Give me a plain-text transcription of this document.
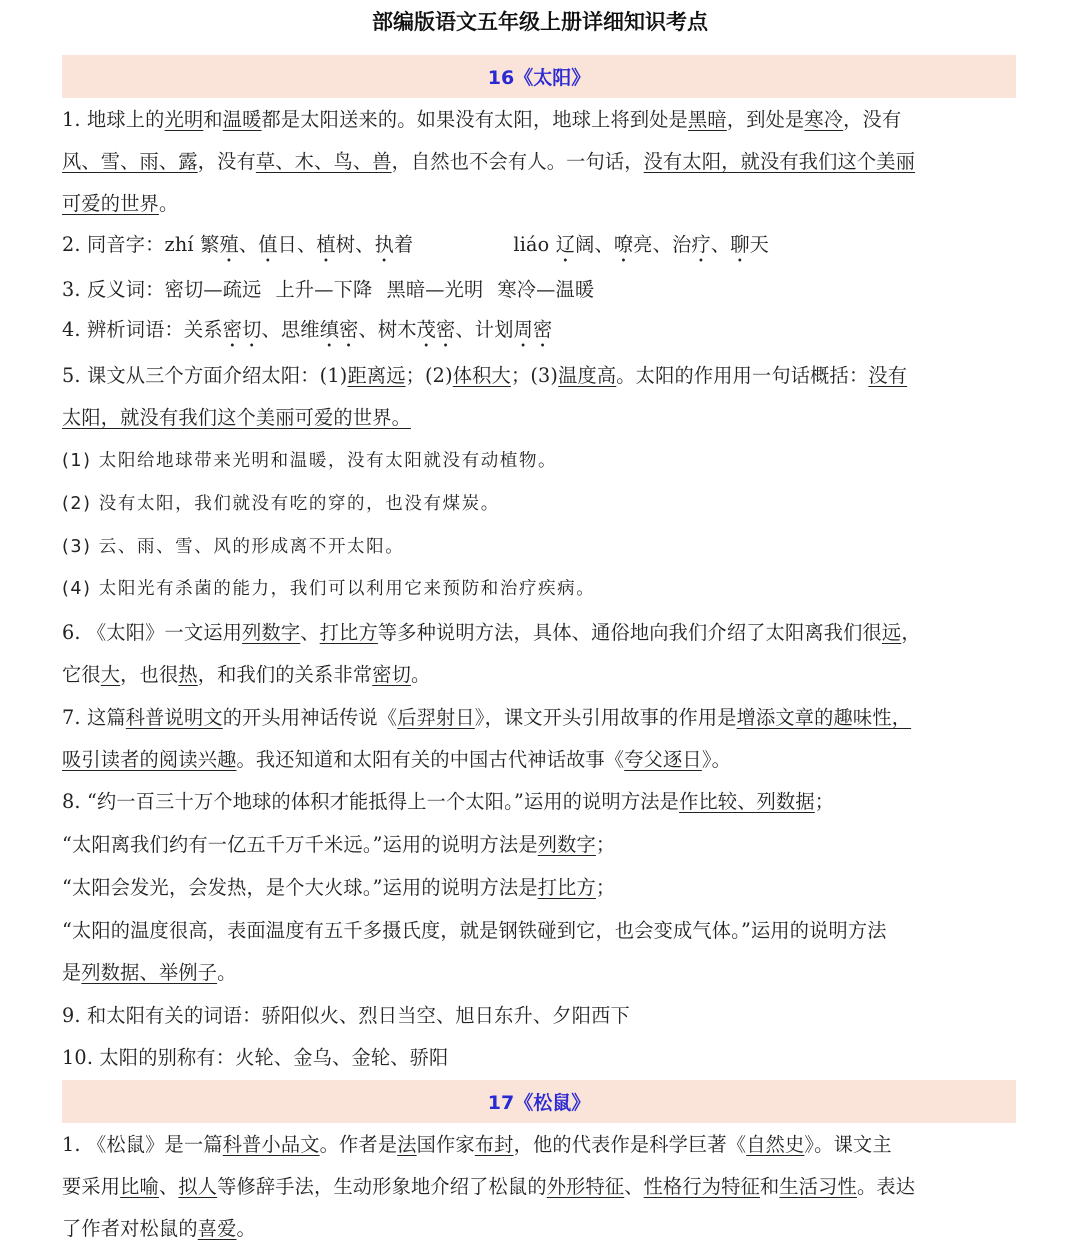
部编版语文五年级上册详细知识考点
16《太阳》
1. 地球上的光明和温暖都是太阳送来的。如果没有太阳，地球上将到处是黑暗，到处是寒冷，没有
风、雪、雨、露，没有草、木、鸟、兽，自然也不会有人。一句话，没有太阳，就没有我们这个美丽
可爱的世界。
2. 同音字：zhí 繁殖、值日、植树、执着	liáo 辽阔、嘹亮、治疗、聊天
3. 反义词：密切—疏远 上升—下降 黑暗—光明 寒冷—温暖
4. 辨析词语：关系密切、思维缜密、树木茂密、计划周密
5. 课文从三个方面介绍太阳：(1)距离远；(2)体积大；(3)温度高。太阳的作用用一句话概括：没有
太阳，就没有我们这个美丽可爱的世界。
(1) 太阳给地球带来光明和温暖，没有太阳就没有动植物。
(2) 没有太阳，我们就没有吃的穿的，也没有煤炭。
(3) 云、雨、雪、风的形成离不开太阳。
(4) 太阳光有杀菌的能力，我们可以利用它来预防和治疗疾病。
6. 《太阳》一文运用列数字、打比方等多种说明方法，具体、通俗地向我们介绍了太阳离我们很远，
它很大，也很热，和我们的关系非常密切。
7. 这篇科普说明文的开头用神话传说《后羿射日》，课文开头引用故事的作用是增添文章的趣味性，
吸引读者的阅读兴趣。我还知道和太阳有关的中国古代神话故事《夸父逐日》。
8. “约一百三十万个地球的体积才能抵得上一个太阳。”运用的说明方法是作比较、列数据；
“太阳离我们约有一亿五千万千米远。”运用的说明方法是列数字；
“太阳会发光，会发热，是个大火球。”运用的说明方法是打比方；
“太阳的温度很高，表面温度有五千多摄氏度，就是钢铁碰到它，也会变成气体。”运用的说明方法
是列数据、举例子。
9. 和太阳有关的词语：骄阳似火、烈日当空、旭日东升、夕阳西下
10. 太阳的别称有：火轮、金乌、金轮、骄阳
17《松鼠》
1. 《松鼠》是一篇科普小品文。作者是法国作家布封，他的代表作是科学巨著《自然史》。课文主
要采用比喻、拟人等修辞手法，生动形象地介绍了松鼠的外形特征、性格行为特征和生活习性。表达
了作者对松鼠的喜爱。
